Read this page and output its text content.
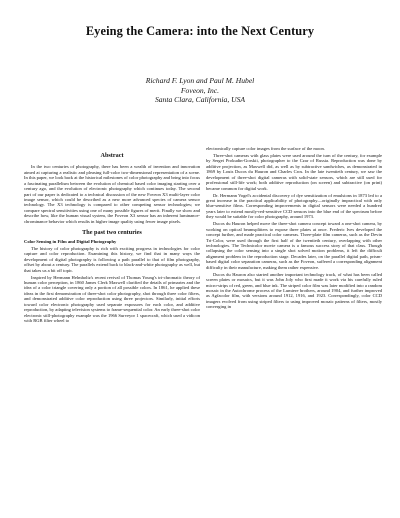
Eyeing the Camera: into the Next Century
Richard F. Lyon and Paul M. Hubel
Foveon, Inc.
Santa Clara, California, USA
Abstract

In the two centuries of photography, there has been a wealth of invention and innovation aimed at capturing a realistic and pleasing full-color two-dimensional representation of a scene. In this paper, we look back at the historical milestones of color photography and bring into focus a fascinating parallelism between the evolution of chemical based color imaging starting over a century ago, and the evolution of electronic photography which continues today. The second part of our paper is dedicated to a technical discussion of the new Foveon X3 multi-layer color image sensor, which could be described as a new more advanced species of camera sensor technology. The X3 technology is compared to other competing sensor technologies; we compare spectral sensitivities using one of many possible figures of merit. Finally we show and describe how, like the human visual system, the Foveon X3 sensor has an inherent luminance-chrominance behavior which results in higher image quality using fewer image pixels.

The past two centuries
Color Sensing in Film and Digital Photography

The history of color photography is rich with exciting progress in technologies for color capture and color reproduction. Examining this history, we find that in many ways the development of digital photography is following a path parallel to that of film photography, offset by about a century. The parallels extend back to black-and-white photography as well, but that takes us a bit off topic.

Inspired by Hermann Helmholtz's recent revival of Thomas Young's tri-chromatic theory of human color perception, in 1860 James Clerk Maxwell clarified the details of primaries and the idea of a color triangle covering only a portion of all possible colors. In 1861, he applied these ideas in the first demonstration of three-shot color photography, shot through three color filters, and demonstrated additive color reproduction using three projectors. Similarly, initial efforts toward color electronic photography used separate exposures for each color, and additive reproduction, by adapting television systems to frame-sequential color. An early three-shot color electronic still-photography example was the 1966 Surveyor 1 spacecraft, which used a vidicon with RGB filter wheel to

electronically capture color images from the surface of the moon.

Three-shot cameras with glass plates were used around the turn of the century, for example by Sergei Prokudin-Gorskii, photographer to the Czar of Russia. Reproduction was done by additive projection, as Maxwell did, as well as by subtractive sandwiches, as demonstrated in 1869 by Louis Ducos du Hauron and Charles Cros. In the late twentieth century, we saw the development of three-shot digital cameras with solid-state sensors, which are still used for professional still-life work; both additive reproduction (on screen) and subtractive (on print) became common for digital work.

Dr. Hermann Vogel's accidental discovery of dye sensitization of emulsions in 1873 led to a great increase in the practical applicability of photography—originally impractical with only blue-sensitive films. Corresponding improvements in digital sensors were needed a hundred years later to extend mostly-red-sensitive CCD sensors into the blue end of the spectrum before they would be suitable for color photography, around 1973.

Ducos du Hauron helped move the three-shot camera concept toward a one-shot camera, by working on optical beamsplitters to expose three plates at once. Frederic Ives developed the concept further, and made practical color cameras. Three-plate film cameras, such as the Devin Tri-Color, were used through the first half of the twentieth century, overlapping with other technologies. The Technicolor movie camera is a famous success story of that class. Though collapsing the color sensing into a single shot solved motion problems, it left the difficult alignment problem in the reproduction stage. Decades later, on the parallel digital path, prism-based digital color separation cameras, such as the Foveon, suffered a corresponding alignment difficulty in their manufacture, making them rather expensive.

Ducos du Hauron also started another important technology track, of what has been called screen plates or mosaics, but it was John Joly who first made it work via his carefully ruled micro-strips of red, green, and blue ink. The striped color film was later modified into a random mosaic in the Autochrome process of the Lumiere brothers, around 1904, and further improved as Agfacolor film, with versions around 1912, 1916, and 1923. Correspondingly, color CCD imagers evolved from using striped filters to using improved mosaic patterns of filters, mostly converging in
